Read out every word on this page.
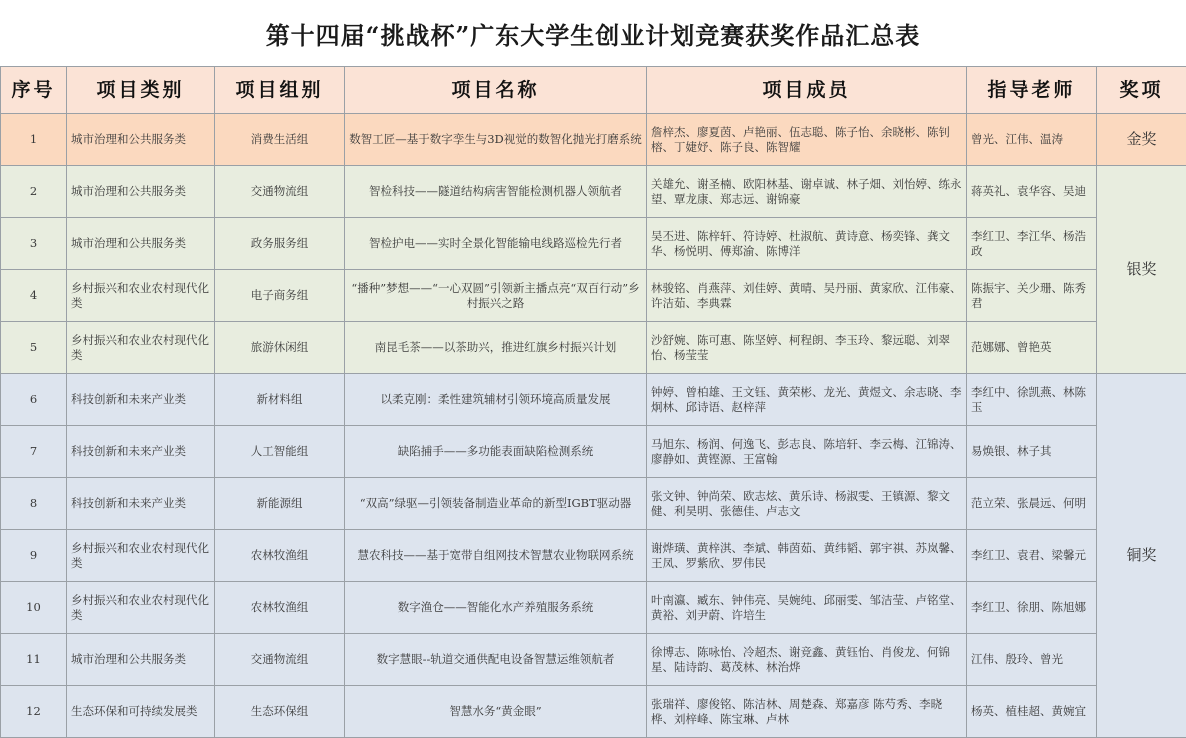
第十四届“挑战杯”广东大学生创业计划竞赛获奖作品汇总表
序号	项目类别	项目组别	项目名称	项目成员	指导老师	奖项
1	城市治理和公共服务类	消费生活组	数智工匠—基于数字孪生与3D视觉的数智化抛光打磨系统	詹梓杰、廖夏茵、卢艳丽、伍志聪、陈子怡、余晓彬、陈钊榕、丁婕妤、陈子良、陈智耀	曾光、江伟、温涛	金奖
2	城市治理和公共服务类	交通物流组	智检科技——隧道结构病害智能检测机器人领航者	关雄允、谢圣楠、欧阳林基、谢卓诚、林子畑、刘怡婷、练永望、覃龙康、郑志远、谢锦豪	蒋英礼、袁华容、吴迪	银奖
3	城市治理和公共服务类	政务服务组	智检护电——实时全景化智能输电线路巡检先行者	吴丕进、陈梓轩、符诗婷、杜淑航、黄诗意、杨奕锋、龚文华、杨悦明、傅郑渝、陈博洋	李红卫、李江华、杨浩政	
4	乡村振兴和农业农村现代化类	电子商务组	“播种”梦想——“一心双圆”引领新主播点亮“双百行动”乡村振兴之路	林骏铭、肖燕萍、刘佳婷、黄晴、吴丹丽、黄家欣、江伟豪、许洁茹、李典霖	陈振宇、关少珊、陈秀君	
5	乡村振兴和农业农村现代化类	旅游休闲组	南昆毛茶——以茶助兴，推进红旗乡村振兴计划	沙舒婉、陈可惠、陈坚婷、柯程朗、李玉玲、黎远聪、刘翠怡、杨莹莹	范娜娜、曾艳英	
6	科技创新和未来产业类	新材料组	以柔克刚：柔性建筑辅材引领环境高质量发展	钟婷、曾柏雄、王文钰、黄荣彬、龙光、黄煜文、余志晓、李炯林、邱诗语、赵梓萍	李红中、徐凯燕、林陈玉	铜奖
7	科技创新和未来产业类	人工智能组	缺陷捕手——多功能表面缺陷检测系统	马旭东、杨润、何逸飞、彭志良、陈培轩、李云梅、江锦涛、廖静如、黄铿源、王富翰	易焕银、林子其	
8	科技创新和未来产业类	新能源组	“双高”绿驱—引领装备制造业革命的新型IGBT驱动器	张文钟、钟尚荣、欧志炫、黄乐诗、杨淑雯、王镇源、黎文健、利昊明、张德佳、卢志文	范立荣、张晨远、何明	
9	乡村振兴和农业农村现代化类	农林牧渔组	慧农科技——基于宽带自组网技术智慧农业物联网系统	谢烨璜、黄梓淇、李斌、韩茵茹、黄纬韬、郭宇祺、苏岚馨、王凤、罗紫欣、罗伟民	李红卫、袁君、梁馨元	
10	乡村振兴和农业农村现代化类	农林牧渔组	数字渔仓——智能化水产养殖服务系统	叶南瀛、臧东、钟伟亮、吴婉纯、邱丽雯、邹洁莹、卢铭堂、黄裕、刘尹蔚、许培生	李红卫、徐朋、陈旭娜	
11	城市治理和公共服务类	交通物流组	数字慧眼--轨道交通供配电设备智慧运维领航者	徐博志、陈咏怡、冷超杰、谢竞鑫、黄钰怡、肖俊龙、何锦星、陆诗韵、葛茂林、林治烨	江伟、殷玲、曾光	
12	生态环保和可持续发展类	生态环保组	智慧水务“黄金眼”	张瑞祥、廖俊铭、陈洁林、周楚森、郑嘉彦 陈芍秀、李晓桦、刘梓峰、陈宝琳、卢林	杨英、植桂超、黄婉宜	
